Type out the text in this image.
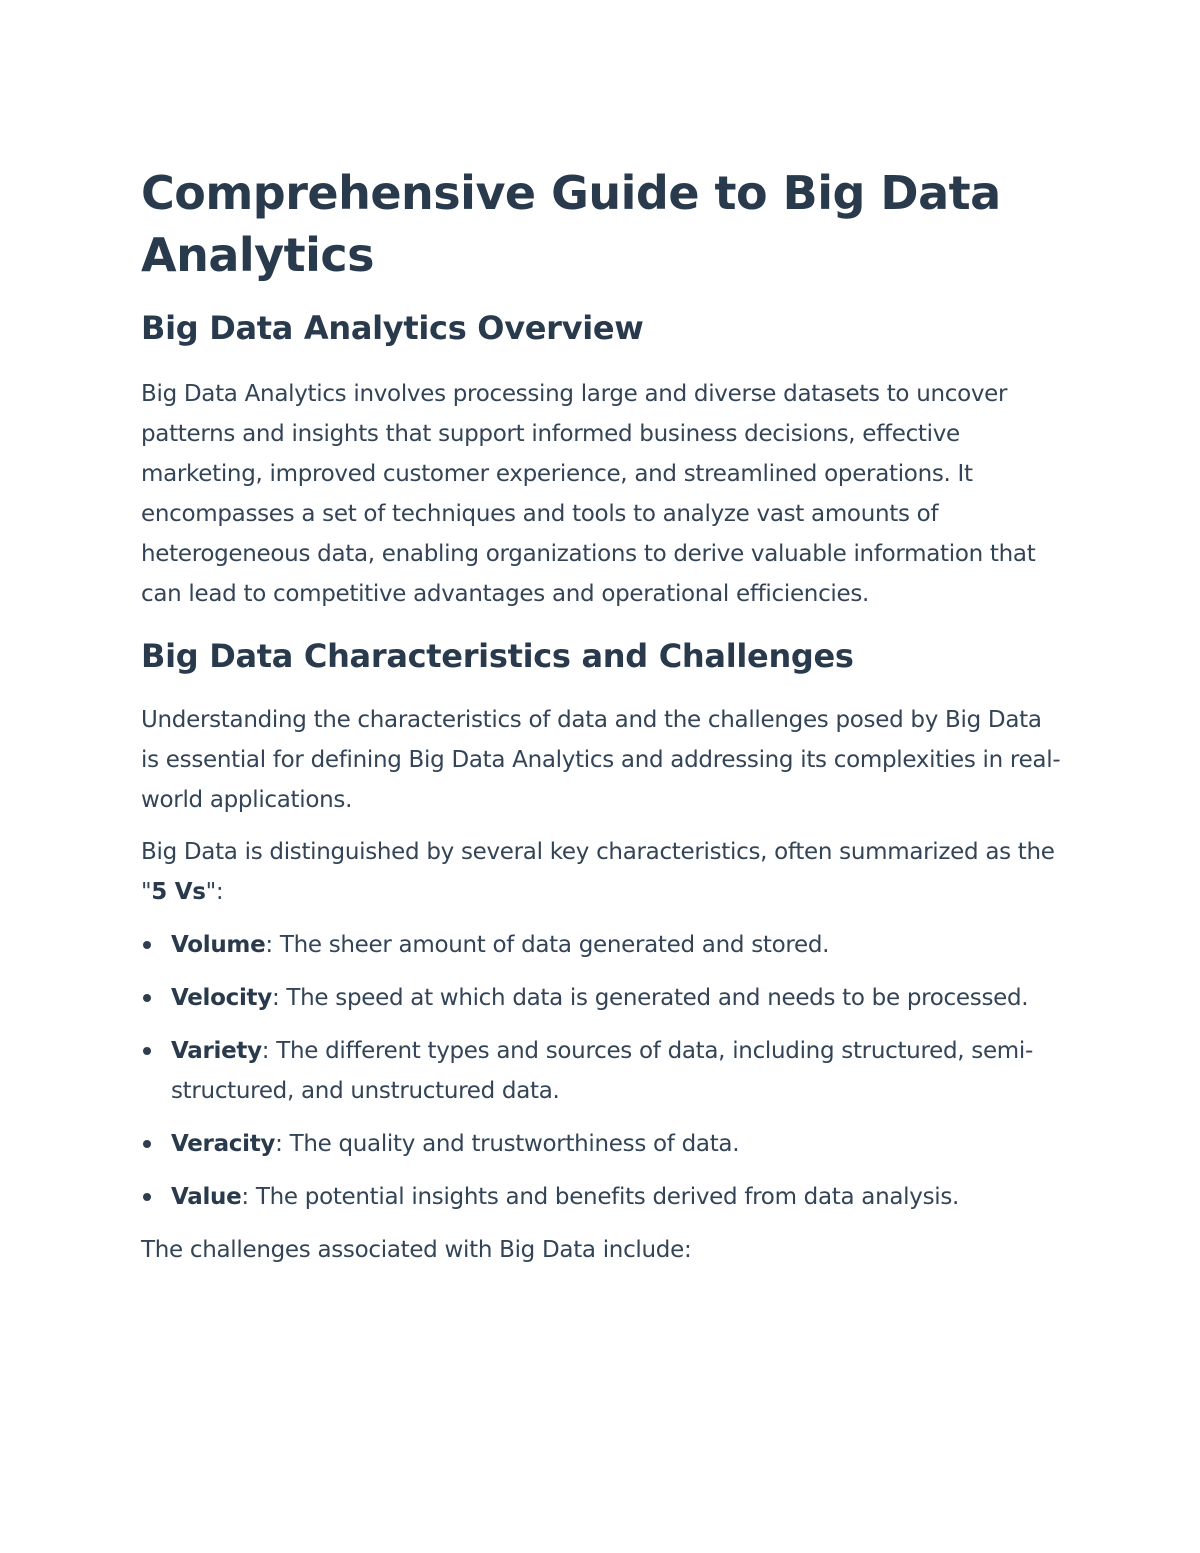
Comprehensive Guide to Big Data Analytics
Big Data Analytics Overview

Big Data Analytics involves processing large and diverse datasets to uncover patterns and insights that support informed business decisions, effective marketing, improved customer experience, and streamlined operations. It encompasses a set of techniques and tools to analyze vast amounts of heterogeneous data, enabling organizations to derive valuable information that can lead to competitive advantages and operational efficiencies.

Big Data Characteristics and Challenges

Understanding the characteristics of data and the challenges posed by Big Data is essential for defining Big Data Analytics and addressing its complexities in real-world applications.

Big Data is distinguished by several key characteristics, often summarized as the "5 Vs":

Volume: The sheer amount of data generated and stored.
Velocity: The speed at which data is generated and needs to be processed.
Variety: The different types and sources of data, including structured, semi-structured, and unstructured data.
Veracity: The quality and trustworthiness of data.
Value: The potential insights and benefits derived from data analysis.

The challenges associated with Big Data include:
